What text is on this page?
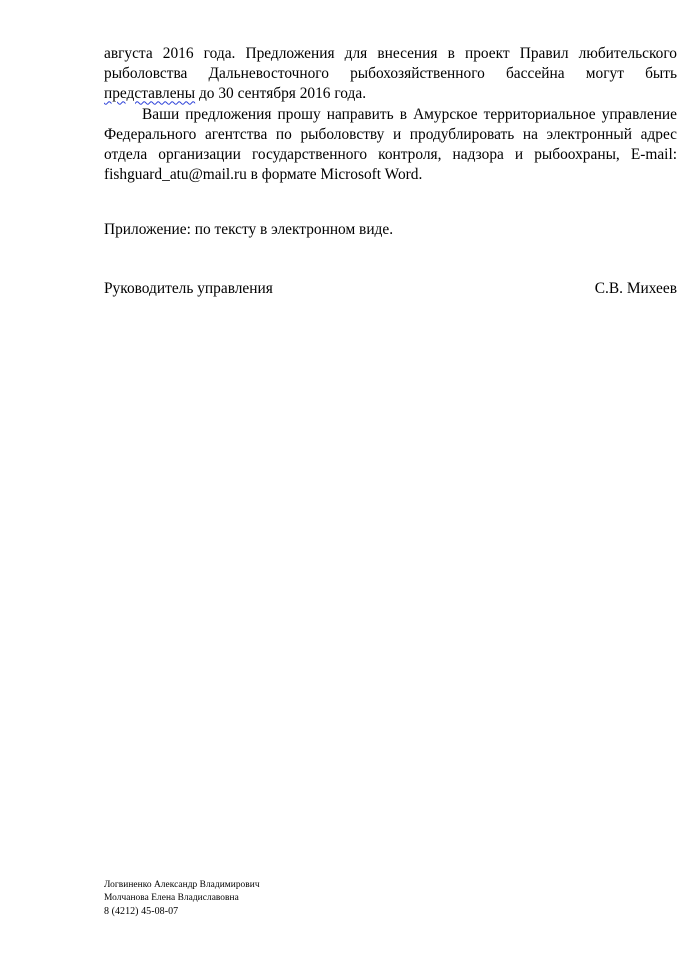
августа 2016 года. Предложения для внесения в проект Правил любительского рыболовства Дальневосточного рыбохозяйственного бассейна могут быть представлены до 30 сентября 2016 года.

Ваши предложения прошу направить в Амурское территориальное управление Федерального агентства по рыболовству и продублировать на электронный адрес отдела организации государственного контроля, надзора и рыбоохраны, E-mail: fishguard_atu@mail.ru в формате Microsoft Word.

Приложение: по тексту в электронном виде.

Руководитель управления	С.В. Михеев

Логвиненко Александр Владимирович

Молчанова Елена Владиславовна

8 (4212) 45-08-07
